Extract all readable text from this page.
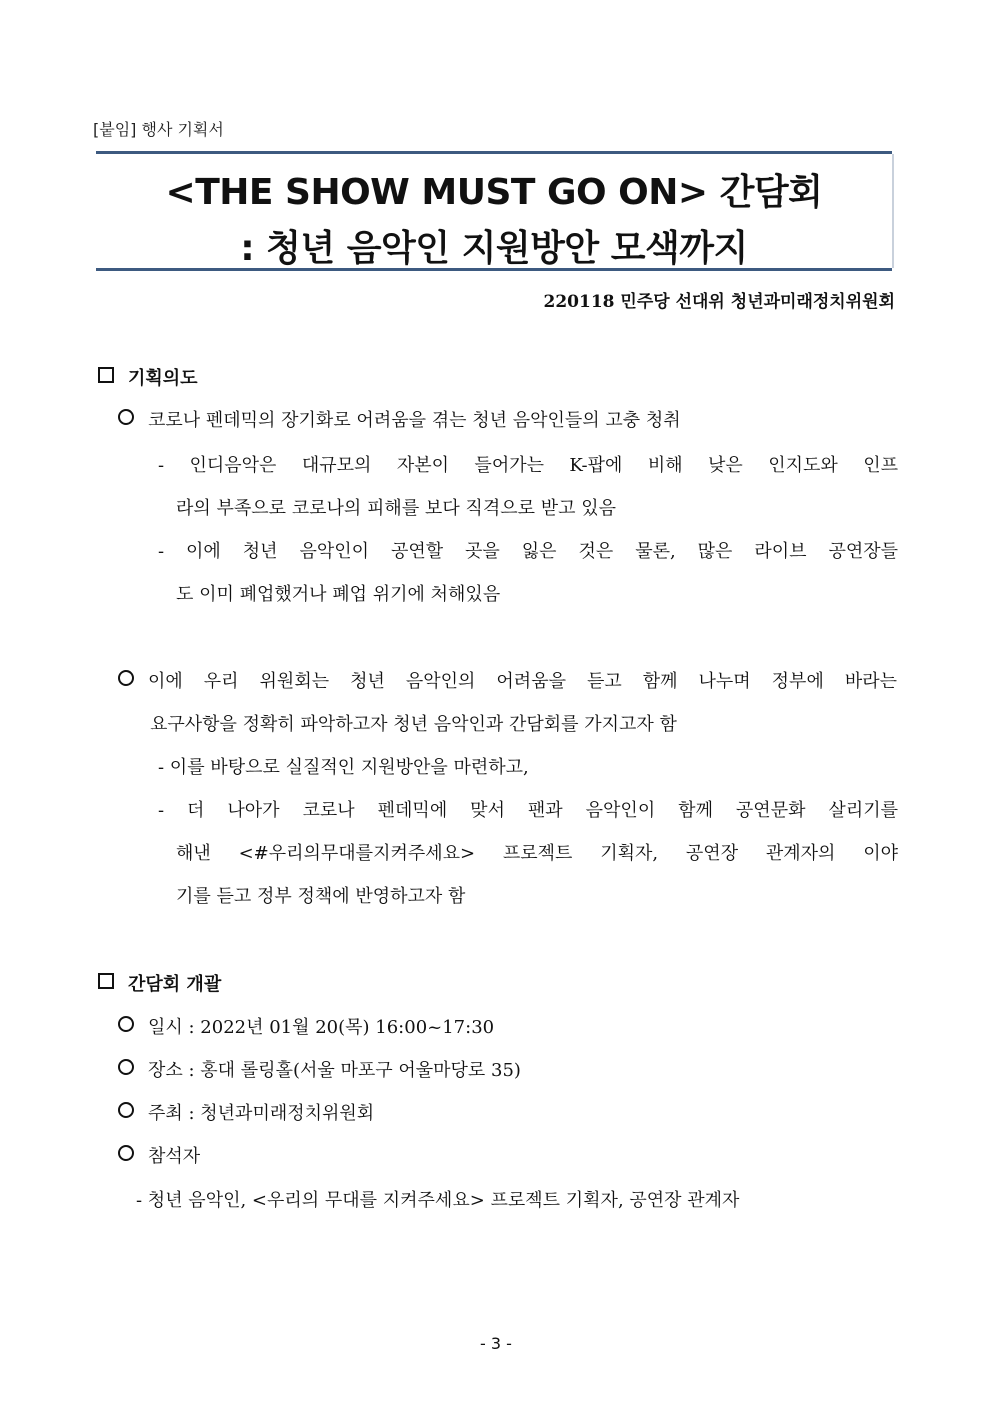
[붙임] 행사 기획서
<THE SHOW MUST GO ON> 간담회
: 청년 음악인 지원방안 모색까지
220118 민주당 선대위 청년과미래정치위원회
기획의도
코로나 펜데믹의 장기화로 어려움을 겪는 청년 음악인들의 고충 청취
- 인디음악은 대규모의 자본이 들어가는 K-팝에 비해 낮은 인지도와 인프
라의 부족으로 코로나의 피해를 보다 직격으로 받고 있음
- 이에 청년 음악인이 공연할 곳을 잃은 것은 물론, 많은 라이브 공연장들
도 이미 폐업했거나 폐업 위기에 처해있음
이에 우리 위원회는 청년 음악인의 어려움을 듣고 함께 나누며 정부에 바라는
요구사항을 정확히 파악하고자 청년 음악인과 간담회를 가지고자 함
- 이를 바탕으로 실질적인 지원방안을 마련하고,
- 더 나아가 코로나 펜데믹에 맞서 팬과 음악인이 함께 공연문화 살리기를
해낸 <#우리의무대를지켜주세요> 프로젝트 기획자, 공연장 관계자의 이야
기를 듣고 정부 정책에 반영하고자 함
간담회 개괄
일시 : 2022년 01월 20(목) 16:00~17:30
장소 : 홍대 롤링홀(서울 마포구 어울마당로 35)
주최 : 청년과미래정치위원회
참석자
- 청년 음악인, <우리의 무대를 지켜주세요> 프로젝트 기획자, 공연장 관계자
- 3 -
